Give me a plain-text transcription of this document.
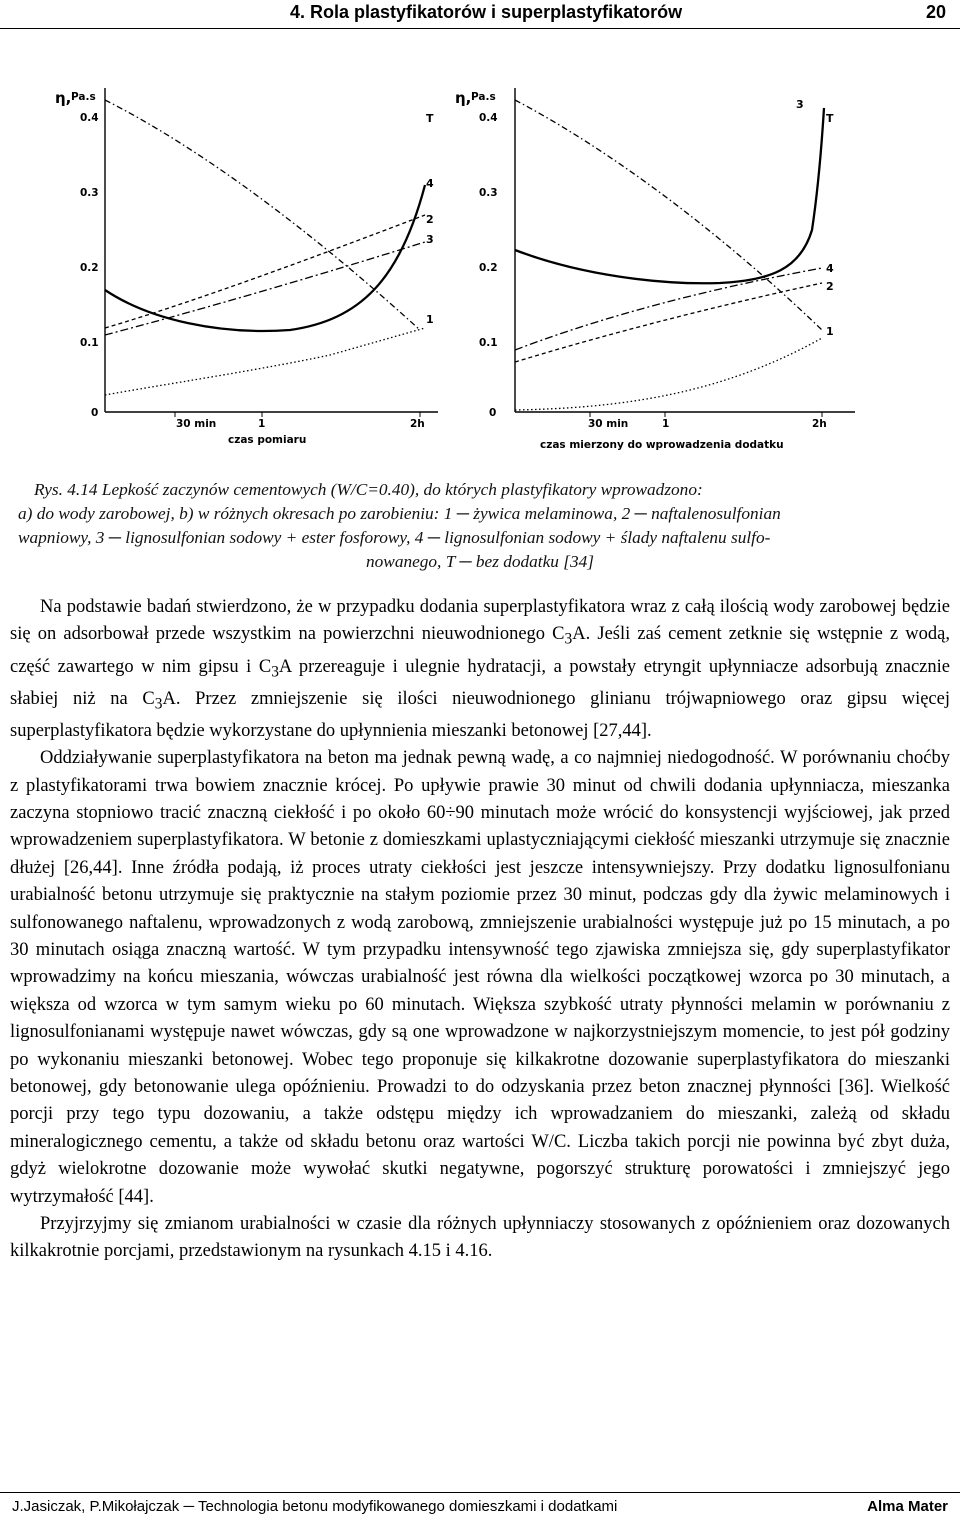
4. Rola plastyfikatorów i superplastyfikatorów	20
η, Pa.s
0.4
0.3
0.2
0.1
0
30 min	1	2h
czas pomiaru
T
4
2
3
1
η, Pa.s
0.4
0.3
0.2
0.1
0
30 min	1	2h
czas mierzony do wprowadzenia dodatku
3
T
4
2
1

Rys. 4.14 Lepkość zaczynów cementowych (W/C=0.40), do których plastyfikatory wprowadzono:

a) do wody zarobowej, b) w różnych okresach po zarobieniu: 1 ─ żywica melaminowa, 2 ─ naftalenosulfonian

wapniowy, 3 ─ lignosulfonian sodowy + ester fosforowy, 4 ─ lignosulfonian sodowy + ślady naftalenu sulfo-

nowanego, T ─ bez dodatku [34]

Na podstawie badań stwierdzono, że w przypadku dodania superplastyfikatora wraz z całą ilością wody zarobowej będzie się on adsorbował przede wszystkim na powierzchni nieuwodnionego $C_3A$. Jeśli zaś cement zetknie się wstępnie z wodą, część zawartego w nim gipsu i $C_3A$ przereaguje i ulegnie hydratacji, a powstały etryngit upłynniacze adsorbują znacznie słabiej niż na $C_3A$. Przez zmniejszenie się ilości nieuwodnionego glinianu trójwapniowego oraz gipsu więcej superplastyfikatora będzie wykorzystane do upłynnienia mieszanki betonowej [27,44].

Oddziaływanie superplastyfikatora na beton ma jednak pewną wadę, a co najmniej niedogodność. W porównaniu choćby z plastyfikatorami trwa bowiem znacznie krócej. Po upływie prawie 30 minut od chwili dodania upłynniacza, mieszanka zaczyna stopniowo tracić znaczną ciekłość i po około 60÷90 minutach może wrócić do konsystencji wyjściowej, jak przed wprowadzeniem superplastyfikatora. W betonie z domieszkami uplastyczniającymi ciekłość mieszanki utrzymuje się znacznie dłużej [26,44]. Inne źródła podają, iż proces utraty ciekłości jest jeszcze intensywniejszy. Przy dodatku lignosulfonianu urabialność betonu utrzymuje się praktycznie na stałym poziomie przez 30 minut, podczas gdy dla żywic melaminowych i sulfonowanego naftalenu, wprowadzonych z wodą zarobową, zmniejszenie urabialności występuje już po 15 minutach, a po 30 minutach osiąga znaczną wartość. W tym przypadku intensywność tego zjawiska zmniejsza się, gdy superplastyfikator wprowadzimy na końcu mieszania, wówczas urabialność jest równa dla wielkości początkowej wzorca po 30 minutach, a większa od wzorca w tym samym wieku po 60 minutach. Większa szybkość utraty płynności melamin w porównaniu z lignosulfonianami występuje nawet wówczas, gdy są one wprowadzone w najkorzystniejszym momencie, to jest pół godziny po wykonaniu mieszanki betonowej. Wobec tego proponuje się kilkakrotne dozowanie superplastyfikatora do mieszanki betonowej, gdy betonowanie ulega opóźnieniu. Prowadzi to do odzyskania przez beton znacznej płynności [36]. Wielkość porcji przy tego typu dozowaniu, a także odstępu między ich wprowadzaniem do mieszanki, zależą od składu mineralogicznego cementu, a także od składu betonu oraz wartości W/C. Liczba takich porcji nie powinna być zbyt duża, gdyż wielokrotne dozowanie może wywołać skutki negatywne, pogorszyć strukturę porowatości i zmniejszyć jego wytrzymałość [44].

Przyjrzyjmy się zmianom urabialności w czasie dla różnych upłynniaczy stosowanych z opóźnieniem oraz dozowanych kilkakrotnie porcjami, przedstawionym na rysunkach 4.15 i 4.16.

J.Jasiczak, P.Mikołajczak ─ Technologia betonu modyfikowanego domieszkami i dodatkami	Alma Mater
